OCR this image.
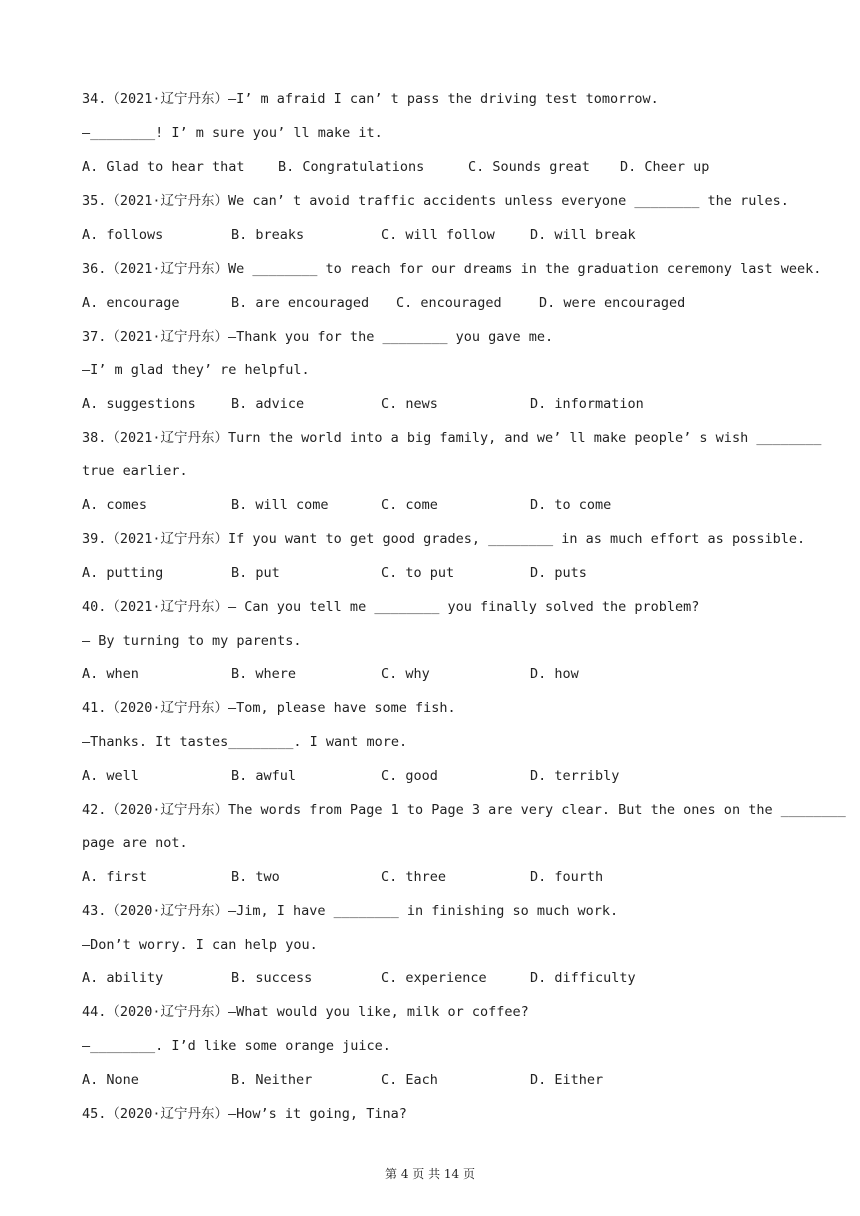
34.（2021·辽宁丹东）—I’ m afraid I can’ t pass the driving test tomorrow.
—________! I’ m sure you’ ll make it.
A. Glad to hear that B. Congratulations	C. Sounds great D. Cheer up
35.（2021·辽宁丹东）We can’ t avoid traffic accidents unless everyone ________ the rules.
A. follows	B. breaks	C. will follow	D. will break
36.（2021·辽宁丹东）We ________ to reach for our dreams in the graduation ceremony last week.
A. encourage	B. are encouraged C. encouraged	D. were encouraged
37.（2021·辽宁丹东）—Thank you for the ________ you gave me.
—I’ m glad they’ re helpful.
A. suggestions	B. advice	C. news	D. information
38.（2021·辽宁丹东）Turn the world into a big family, and we’ ll make people’ s wish ________
true earlier.
A. comes	B. will come	C. come	D. to come
39.（2021·辽宁丹东）If you want to get good grades, ________ in as much effort as possible.
A. putting	B. put	C. to put	D. puts
40.（2021·辽宁丹东）— Can you tell me ________ you finally solved the problem?
— By turning to my parents.
A. when	B. where	C. why	D. how
41.（2020·辽宁丹东）—Tom, please have some fish.
—Thanks. It tastes________. I want more.
A. well	B. awful	C. good	D. terribly
42.（2020·辽宁丹东）The words from Page 1 to Page 3 are very clear. But the ones on the ________
page are not.
A. first	B. two	C. three	D. fourth
43.（2020·辽宁丹东）—Jim, I have ________ in finishing so much work.
—Don’t worry. I can help you.
A. ability	B. success	C. experience	D. difficulty
44.（2020·辽宁丹东）—What would you like, milk or coffee?
—________. I’d like some orange juice.
A. None	B. Neither	C. Each	D. Either
45.（2020·辽宁丹东）—How’s it going, Tina?
第 4 页 共 14 页
